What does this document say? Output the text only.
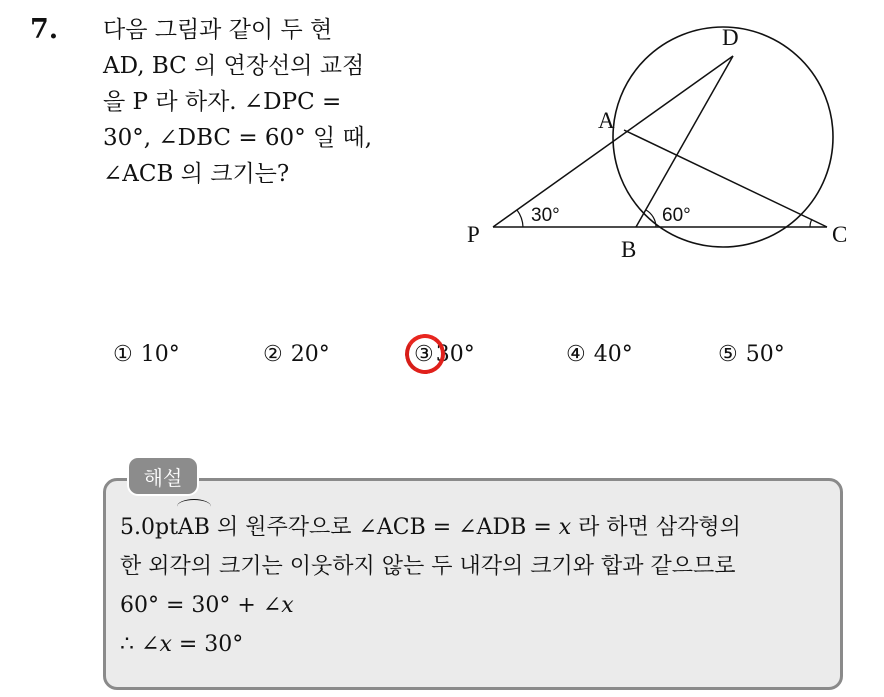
7. 다음 그림과 같이 두 현
AD, BC 의 연장선의 교점
을 P 라 하자. ∠DPC =
30°, ∠DBC = 60° 일 때,
∠ACB 의 크기는?
D
A
P
B
C
30°	60°
① 10°	② 20°	③30°	④ 40°	⑤ 50°
해설
5.0ptAB 의 원주각으로 ∠ACB = ∠ADB = x 라 하면 삼각형의
한 외각의 크기는 이웃하지 않는 두 내각의 크기와 합과 같으므로
60° = 30° + ∠x
∴ ∠x = 30°
